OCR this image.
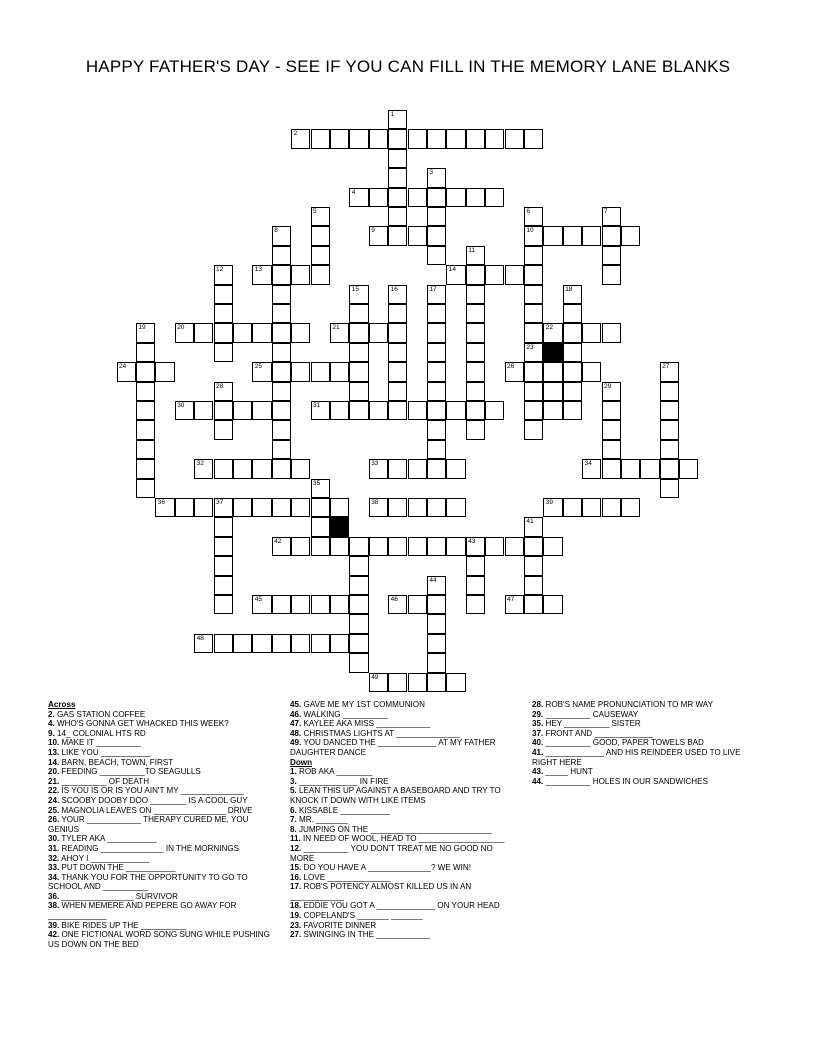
HAPPY FATHER'S DAY - SEE IF YOU CAN FILL IN THE MEMORY LANE BLANKS
2
4
9	10
13	14
20	21	22
24	25	26
30	31
32	33	34
36	37	38	39
42	43
45	46	47
48
49
1
3
5	6
23
7
8
11
12
15	16	17	18
19
27
28	29
35
41
44
Across
2. GAS STATION COFFEE
4. WHO'S GONNA GET WHACKED THIS WEEK?
9. 14_ COLONIAL HTS RD
10. MAKE IT __________
13. LIKE YOU ___________
14. BARN, BEACH, TOWN, FIRST
20. FEEDING __________TO SEAGULLS
21. __________ OF DEATH
22. IS YOU IS OR IS YOU AIN'T MY ______________
24. SCOOBY DOOBY DOO ________ IS A COOL GUY
25. MAGNOLIA LEAVES ON ________________ DRIVE
26. YOUR ____________ THERAPY CURED ME, YOU GENIUS
30. TYLER AKA ___________
31. READING ______________ IN THE MORNINGS
32. AHOY I _____________
33. PUT DOWN THE ___________
34. THANK YOU FOR THE OPPORTUNITY TO GO TO SCHOOL AND __________
36. ________________ SURVIVOR
38. WHEN MEMERE AND PEPERE GO AWAY FOR _____________
39. BIKE RIDES UP THE __________
42. ONE FICTIONAL WORD SONG SUNG WHILE PUSHING US DOWN ON THE BED
45. GAVE ME MY 1ST COMMUNION
46. WALKING __________
47. KAYLEE AKA MISS ____________
48. CHRISTMAS LIGHTS AT ______________
49. YOU DANCED THE _____________ AT MY FATHER DAUGHTER DANCE
Down
1. ROB AKA ________
3. _____________ IN FIRE
5. LEAN THIS UP AGAINST A BASEBOARD AND TRY TO KNOCK IT DOWN WITH LIKE ITEMS
6. KISSABLE ___________
7. MR. _______
8. JUMPING ON THE ___________________________
11. IN NEED OF WOOL, HEAD TO ___________________
12. __________ YOU DON'T TREAT ME NO GOOD NO MORE
15. DO YOU HAVE A ______________? WE WIN!
16. LOVE ______________
17. ROB'S POTENCY ALMOST KILLED US IN AN ____________
18. EDDIE YOU GOT A _____________ ON YOUR HEAD
19. COPELAND'S _______ _______
23. FAVORITE DINNER
27. SWINGING IN THE ____________
28. ROB'S NAME PRONUNCIATION TO MR WAY
29. __________ CAUSEWAY
35. HEY __________ SISTER
37. FRONT AND _____________
40. __________ GOOD, PAPER TOWELS BAD
41. _____________ AND HIS REINDEER USED TO LIVE RIGHT HERE
43. _____ HUNT
44. __________ HOLES IN OUR SANDWICHES
